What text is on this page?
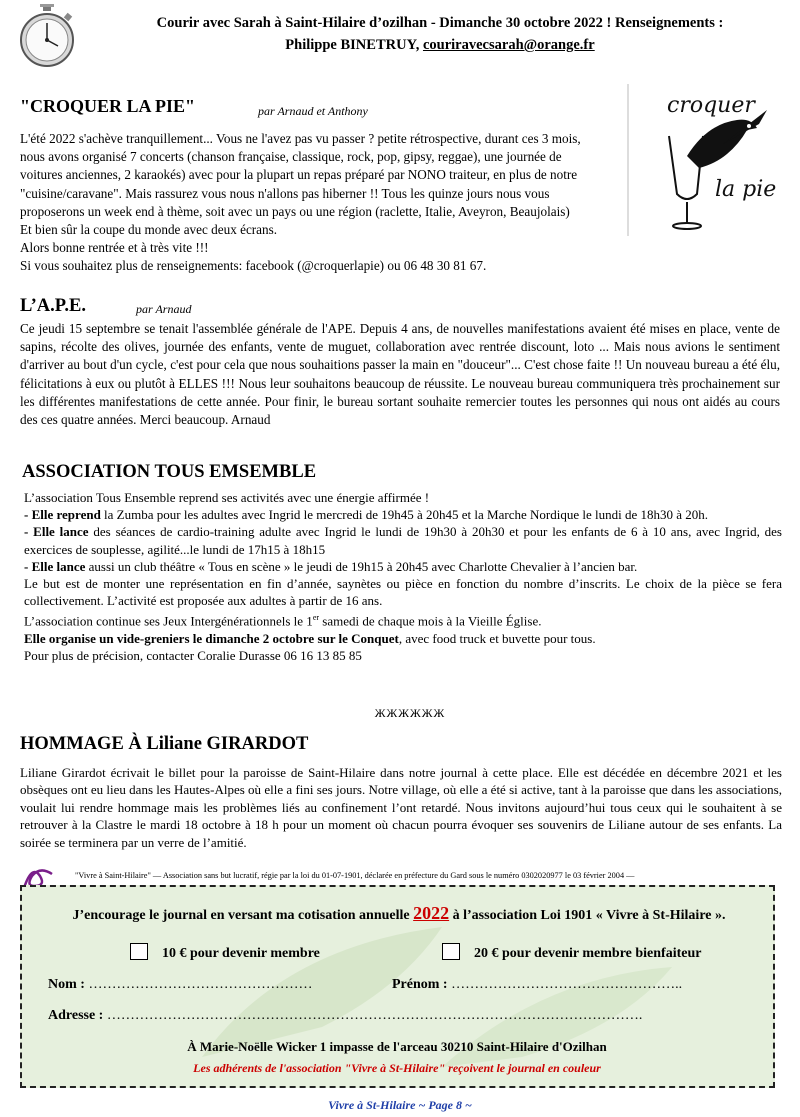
Courir avec Sarah à Saint-Hilaire d’ozilhan - Dimanche 30 octobre 2022 ! Renseignements :
Philippe BINETRUY, couriravecsarah@orange.fr
"CROQUER LA PIE"	par Arnaud et Anthony
L'été 2022 s'achève tranquillement... Vous ne l'avez pas vu passer ? petite rétrospective, durant ces 3 mois,
nous avons organisé 7 concerts (chanson française, classique, rock, pop, gipsy, reggae), une journée de
voitures anciennes, 2 karaokés) avec pour la plupart un repas préparé par NONO traiteur, en plus de notre
"cuisine/caravane". Mais rassurez vous nous n'allons pas hiberner !! Tous les quinze jours nous vous
proposerons un week end à thème, soit avec un pays ou une région (raclette, Italie, Aveyron, Beaujolais)
Et bien sûr la coupe du monde avec deux écrans.
Alors bonne rentrée et à très vite !!!
Si vous souhaitez plus de renseignements: facebook (@croquerlapie) ou 06 48 30 81 67.
croquer
la pie
L’A.P.E.	par Arnaud
Ce jeudi 15 septembre se tenait l'assemblée générale de l'APE. Depuis 4 ans, de nouvelles manifestations avaient été mises en place, vente de sapins, récolte des olives, journée des enfants, vente de muguet, collaboration avec rentrée discount, loto ... Mais nous avions le sentiment d'arriver au bout d'un cycle, c'est pour cela que nous souhaitions passer la main en "douceur"... C'est chose faite !! Un nouveau bureau a été élu, félicitations à eux ou plutôt à ELLES !!! Nous leur souhaitons beaucoup de réussite. Le nouveau bureau communiquera très prochainement sur les différentes manifestations de cette année. Pour finir, le bureau sortant souhaite remercier toutes les personnes qui nous ont aidés au cours des ces quatre années. Merci beaucoup. Arnaud
ASSOCIATION TOUS EMSEMBLE

L’association Tous Ensemble reprend ses activités avec une énergie affirmée !

- Elle reprend la Zumba pour les adultes avec Ingrid le mercredi de 19h45 à 20h45 et la Marche Nordique le lundi de 18h30 à 20h.

- Elle lance des séances de cardio-training adulte avec Ingrid le lundi de 19h30 à 20h30 et pour les enfants de 6 à 10 ans, avec Ingrid, des exercices de souplesse, agilité...le lundi de 17h15 à 18h15

- Elle lance aussi un club théâtre « Tous en scène » le jeudi de 19h15 à 20h45 avec Charlotte Chevalier à l’ancien bar.

Le but est de monter une représentation en fin d’année, saynètes ou pièce en fonction du nombre d’inscrits. Le choix de la pièce se fera collectivement. L’activité est proposée aux adultes à partir de 16 ans.

L’association continue ses Jeux Intergénérationnels le 1er samedi de chaque mois à la Vieille Église.

Elle organise un vide-greniers le dimanche 2 octobre sur le Conquet, avec food truck et buvette pour tous.

Pour plus de précision, contacter Coralie Durasse 06 16 13 85 85

ЖЖЖЖЖЖ
HOMMAGE À Liliane GIRARDOT
Liliane Girardot écrivait le billet pour la paroisse de Saint-Hilaire dans notre journal à cette place. Elle est décédée en décembre 2021 et les obsèques ont eu lieu dans les Hautes-Alpes où elle a fini ses jours. Notre village, où elle a été si active, tant à la paroisse que dans les associations, voulait lui rendre hommage mais les problèmes liés au confinement l’ont retardé. Nous invitons aujourd’hui tous ceux qui le souhaitent à se retrouver à la Clastre le mardi 18 octobre à 18 h pour un moment où chacun pourra évoquer ses souvenirs de Liliane autour de ses enfants. La soirée se terminera par un verre de l’amitié.
"Vivre à Saint-Hilaire" — Association sans but lucratif, régie par la loi du 01-07-1901, déclarée en préfecture du Gard sous le numéro 0302020977 le 03 février 2004 —
J’encourage le journal en versant ma cotisation annuelle 2022 à l’association Loi 1901 « Vivre à St-Hilaire ».
10 € pour devenir membre	20 € pour devenir membre bienfaiteur
Nom : …………………………………………	Prénom : …………………………………………..
Adresse : …………………………………………………………………………………………………….
À Marie-Noëlle Wicker 1 impasse de l'arceau 30210 Saint-Hilaire d'Ozilhan
Les adhérents de l'association "Vivre à St-Hilaire" reçoivent le journal en couleur
Vivre à St-Hilaire ~ Page 8 ~
